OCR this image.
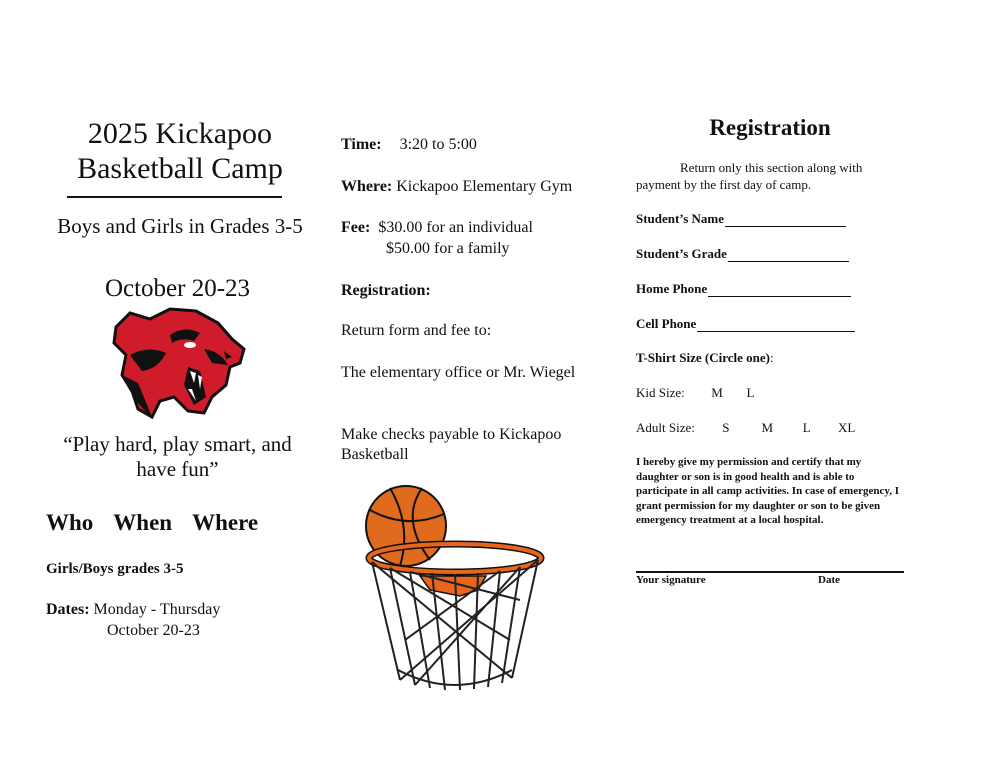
2025 Kickapoo
Basketball Camp
Boys and Girls in Grades 3-5
October 20-23
“Play hard, play smart, and
have fun”
Who When Where
Girls/Boys grades 3-5
Dates: Monday - Thursday
October 20-23
Time: 3:20 to 5:00
Where: Kickapoo Elementary Gym
Fee: $30.00 for an individual
$50.00 for a family
Registration:
Return form and fee to:
The elementary office or Mr. Wiegel
Make checks payable to Kickapoo Basketball
Registration
Return only this section along with payment by the first day of camp.
Student’s Name
Student’s Grade
Home Phone
Cell Phone
T-Shirt Size (Circle one):
Kid Size: M L
Adult Size: S M L XL
I hereby give my permission and certify that my daughter or son is in good health and is able to participate in all camp activities. In case of emergency, I grant permission for my daughter or son to be given emergency treatment at a local hospital.
Your signature	Date
